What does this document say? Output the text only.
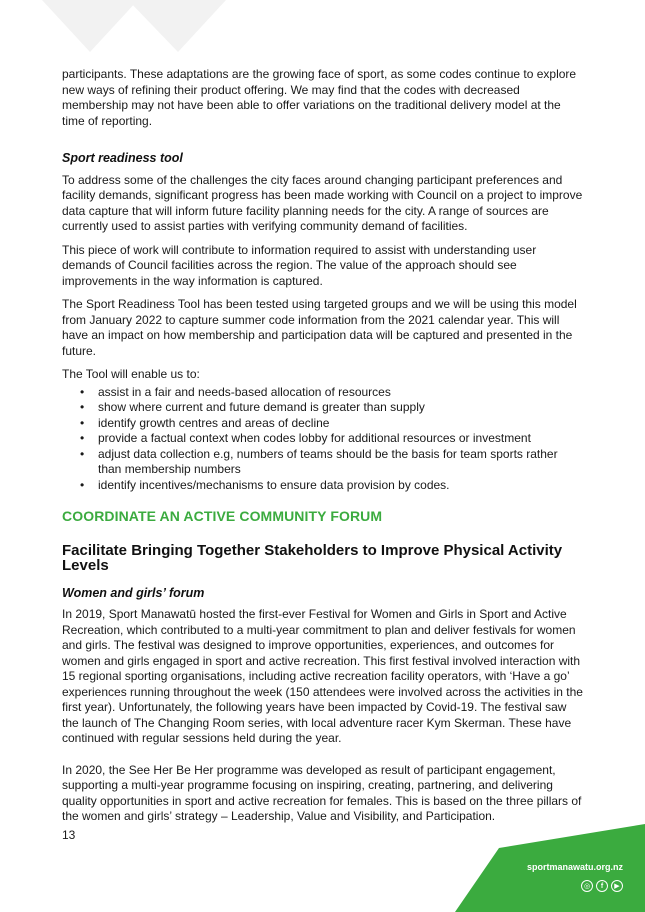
participants. These adaptations are the growing face of sport, as some codes continue to explore new ways of refining their product offering. We may find that the codes with decreased membership may not have been able to offer variations on the traditional delivery model at the time of reporting.

Sport readiness tool

To address some of the challenges the city faces around changing participant preferences and facility demands, significant progress has been made working with Council on a project to improve data capture that will inform future facility planning needs for the city. A range of sources are currently used to assist parties with verifying community demand of facilities.

This piece of work will contribute to information required to assist with understanding user demands of Council facilities across the region. The value of the approach should see improvements in the way information is captured.

The Sport Readiness Tool has been tested using targeted groups and we will be using this model from January 2022 to capture summer code information from the 2021 calendar year. This will have an impact on how membership and participation data will be captured and presented in the future.

The Tool will enable us to:

• assist in a fair and needs-based allocation of resources
• show where current and future demand is greater than supply
• identify growth centres and areas of decline
• provide a factual context when codes lobby for additional resources or investment
• adjust data collection e.g, numbers of teams should be the basis for team sports rather than membership numbers
• identify incentives/mechanisms to ensure data provision by codes.
COORDINATE AN ACTIVE COMMUNITY FORUM
Facilitate Bringing Together Stakeholders to Improve Physical Activity Levels
Women and girls’ forum

In 2019, Sport Manawatū hosted the first-ever Festival for Women and Girls in Sport and Active Recreation, which contributed to a multi-year commitment to plan and deliver festivals for women and girls. The festival was designed to improve opportunities, experiences, and outcomes for women and girls engaged in sport and active recreation. This first festival involved interaction with 15 regional sporting organisations, including active recreation facility operators, with ‘Have a go’ experiences running throughout the week (150 attendees were involved across the activities in the first year). Unfortunately, the following years have been impacted by Covid-19. The festival saw the launch of The Changing Room series, with local adventure racer Kym Skerman. These have continued with regular sessions held during the year.

In 2020, the See Her Be Her programme was developed as result of participant engagement, supporting a multi-year programme focusing on inspiring, creating, partnering, and delivering quality opportunities in sport and active recreation for females. This is based on the three pillars of the women and girls’ strategy – Leadership, Value and Visibility, and Participation.

13
sportmanawatu.org.nz
◎	f	▶
